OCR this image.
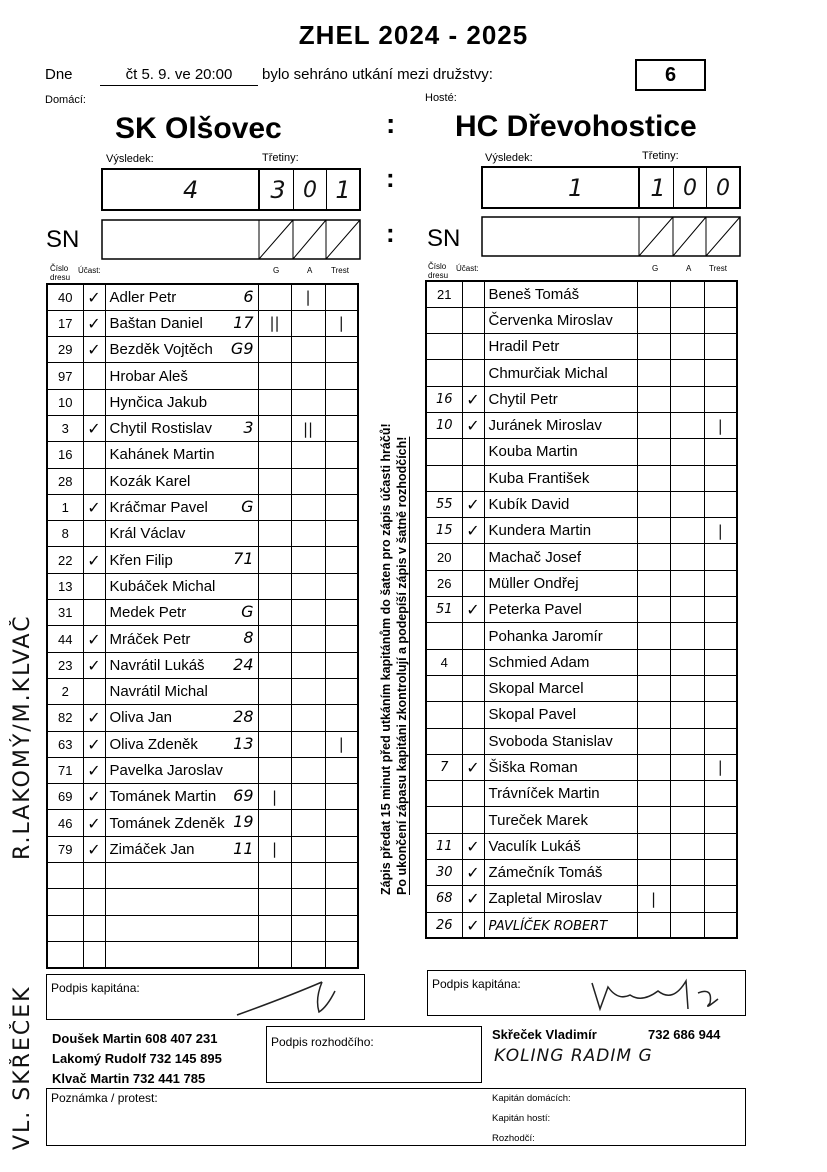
ZHEL 2024 - 2025
Dne	čt 5. 9. ve 20:00	bylo sehráno utkání mezi družstvy:	6
Domácí:	Hosté:
SK Olšovec	HC Dřevohostice
:
Výsledek:	Třetiny:
4	3 0 1 :
Výsledek:	Třetiny:
1	1 0 0
SN	: SN
Číslo dresu
Účast:	G	A Trest	Číslo dresu
Účast:	G	A Trest
40	✓	Adler Petr 6		|	
17	✓	Baštan Daniel 17	||		|
29	✓	Bezděk Vojtěch G9			

97		Hrobar Aleš

10		Hynčica Jakub

3	✓	Chytil Rostislav 3		||	
16		Kahánek Martin

28		Kozák Karel

1	✓	Kráčmar Pavel G			

8		Král Václav

22	✓	Křen Filip 71			

13		Kubáček Michal

31		Medek Petr G			

44	✓	Mráček Petr 8			

23	✓	Navrátil Lukáš 24			

2		Navrátil Michal

82	✓	Oliva Jan 28			

63	✓	Oliva Zdeněk 13			|
71	✓	Pavelka Jaroslav

69	✓	Tománek Martin 69	|		
46	✓	Tománek Zdeněk 19			

79	✓	Zimáček Jan 11	|		

21		Beneš Tomáš			
		Červenka Miroslav			
		Hradil Petr			
		Chmurčiak Michal			
16	✓	Chytil Petr			
10	✓	Juránek Miroslav			|
		Kouba Martin			
		Kuba František			
55	✓	Kubík David			
15	✓	Kundera Martin			|
20		Machač Josef			
26		Müller Ondřej			
51	✓	Peterka Pavel			
		Pohanka Jaromír			
4		Schmied Adam			
		Skopal Marcel			
		Skopal Pavel			
		Svoboda Stanislav			
7	✓	Šiška Roman			|
		Trávníček Martin			
		Tureček Marek			
11	✓	Vaculík Lukáš			
30	✓	Zámečník Tomáš			
68	✓	Zapletal Miroslav	|		
26	✓	PAVLÍČEK ROBERT			
Zápis předat 15 minut před utkáním kapitánům do šaten pro zápis účasti hráčů! Po ukončení zápasu kapitáni zkontrolují a podepíší zápis v šatně rozhodčích!
R.LAKOMÝ/M.KLVAČ
VL. SKŘEČEK Podpis kapitána:	Podpis kapitána:
Doušek Martin 608 407 231
Lakomý Rudolf 732 145 895
Klvač Martin 732 441 785
Podpis rozhodčího:	Skřeček Vladimír	732 686 944
KOLING RADIM G
Poznámka / protest:	Kapitán domácích:
Kapitán hostí:
Rozhodčí:
